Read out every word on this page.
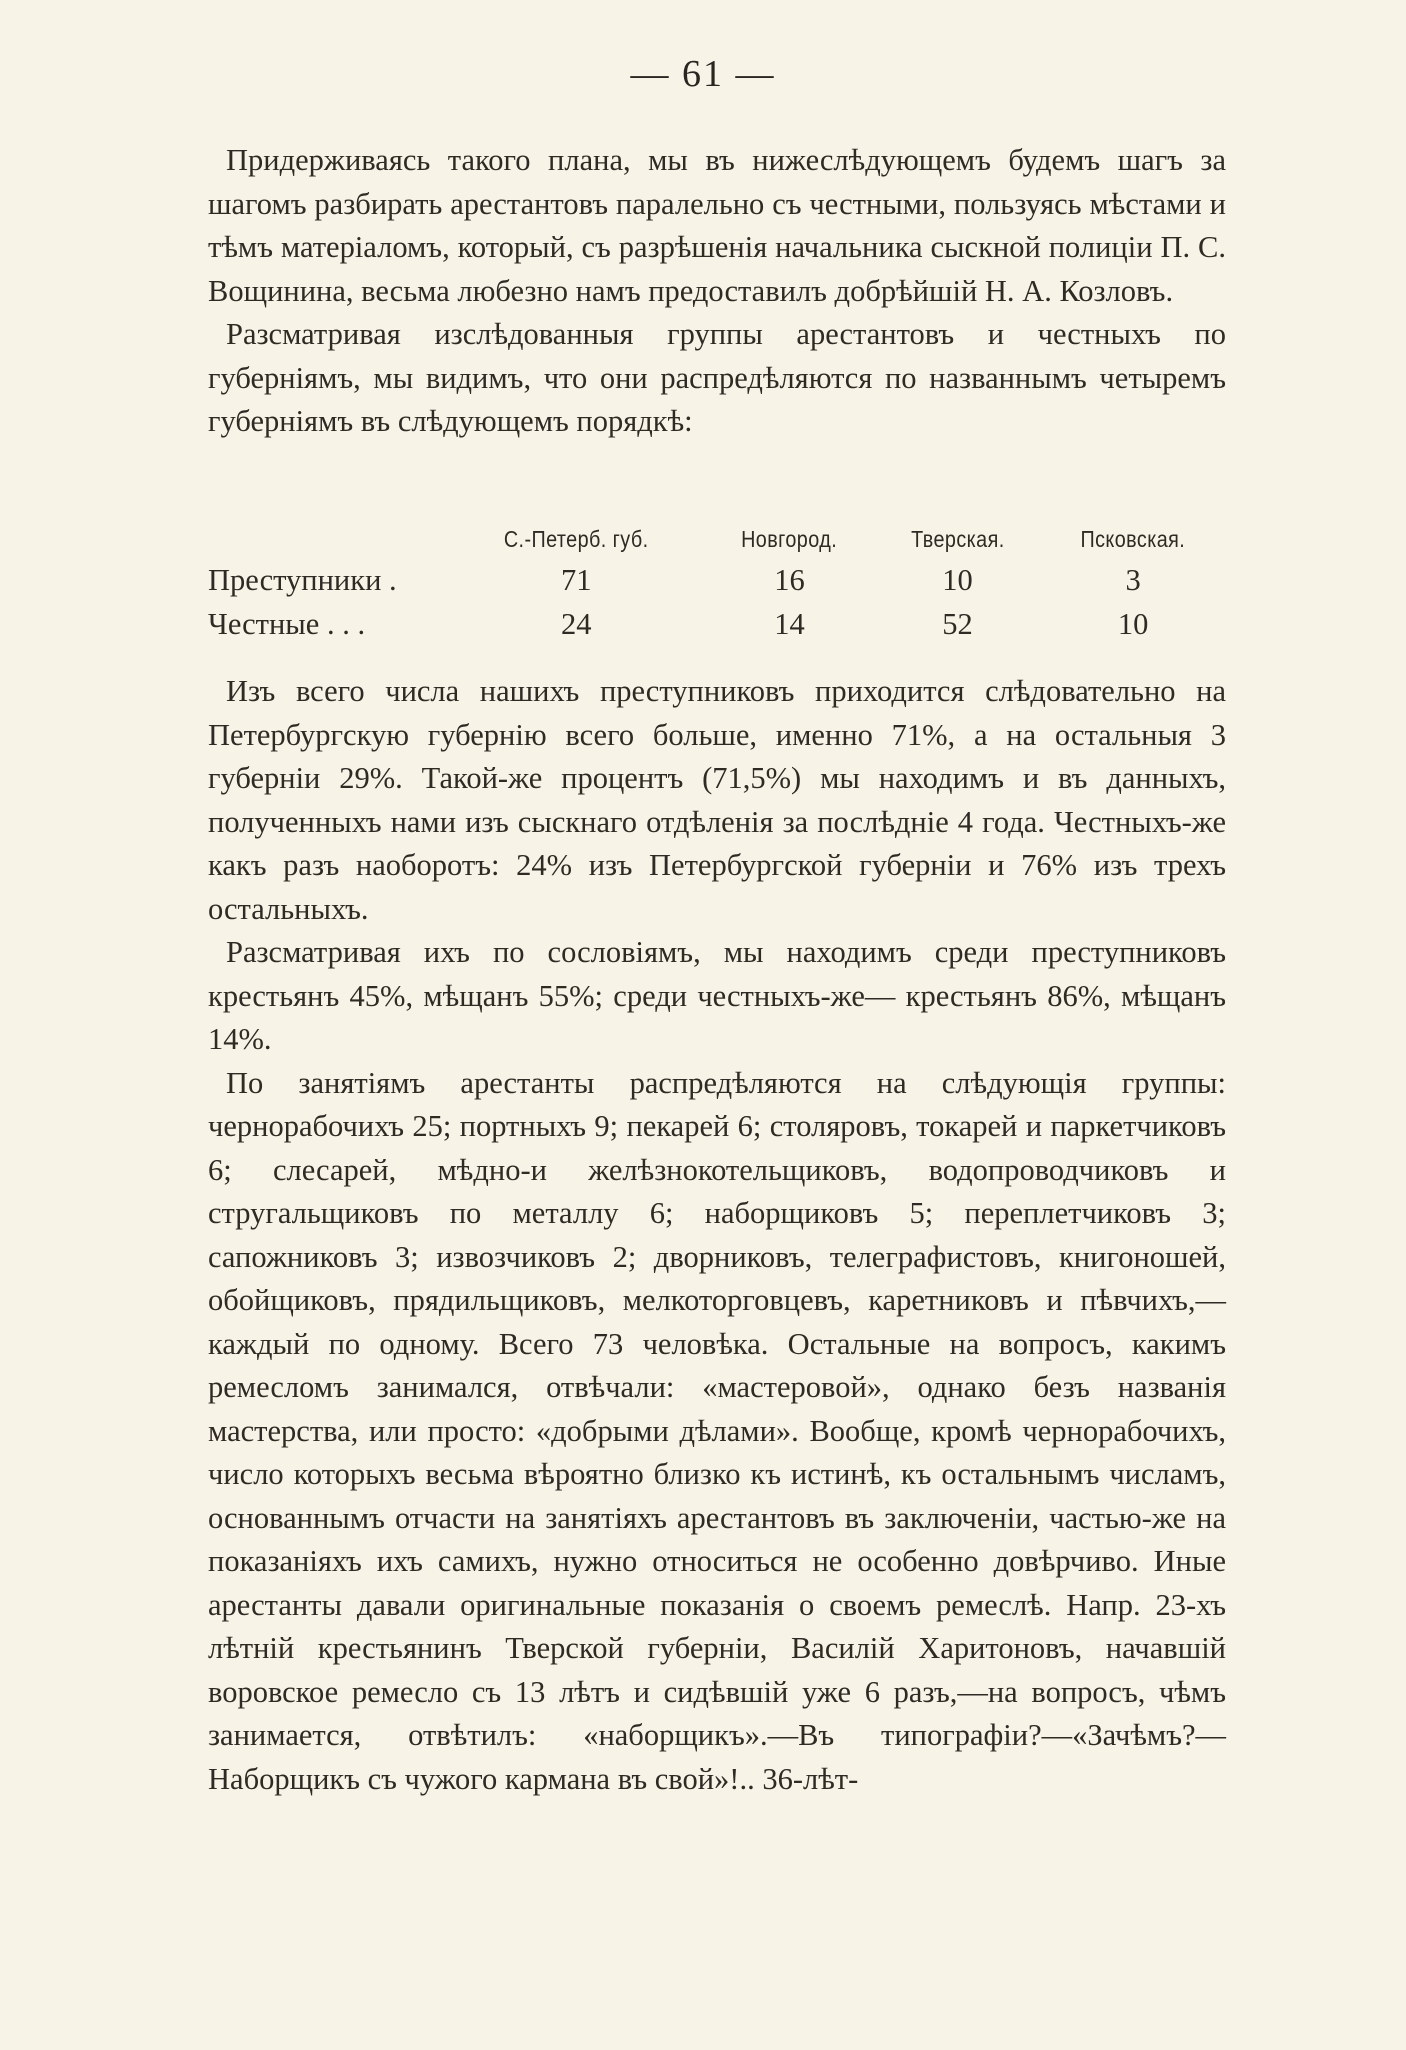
— 61 —

Придерживаясь такого плана, мы въ нижеслѣдующемъ будемъ шагъ за шагомъ разбирать арестантовъ паралельно съ честными, пользуясь мѣстами и тѣмъ матеріаломъ, который, съ разрѣшенія начальника сыскной полиціи П. С. Вощинина, весьма любезно намъ предоставилъ добрѣйшій Н. А. Козловъ.

Разсматривая изслѣдованныя группы арестантовъ и честныхъ по губерніямъ, мы видимъ, что они распредѣляются по названнымъ четыремъ губерніямъ въ слѣдующемъ порядкѣ:

	С.-Петерб. губ.	Новгород.	Тверская.	Псковская.
Преступники .	71	16	10	3
Честные . . .	24	14	52	10

Изъ всего числа нашихъ преступниковъ приходится слѣдовательно на Петербургскую губернію всего больше, именно 71%, а на остальныя 3 губерніи 29%. Такой-же процентъ (71,5%) мы находимъ и въ данныхъ, полученныхъ нами изъ сыскнаго отдѣленія за послѣдніе 4 года. Честныхъ-же какъ разъ наоборотъ: 24% изъ Петербургской губерніи и 76% изъ трехъ остальныхъ.

Разсматривая ихъ по сословіямъ, мы находимъ среди преступниковъ крестьянъ 45%, мѣщанъ 55%; среди честныхъ-же— крестьянъ 86%, мѣщанъ 14%.

По занятіямъ арестанты распредѣляются на слѣдующія группы: чернорабочихъ 25; портныхъ 9; пекарей 6; столяровъ, токарей и паркетчиковъ 6; слесарей, мѣдно-и желѣзнокотельщиковъ, водопроводчиковъ и стругальщиковъ по металлу 6; наборщиковъ 5; переплетчиковъ 3; сапожниковъ 3; извозчиковъ 2; дворниковъ, телеграфистовъ, книгоношей, обойщиковъ, прядильщиковъ, мелкоторговцевъ, каретниковъ и пѣвчихъ,—каждый по одному. Всего 73 человѣка. Остальные на вопросъ, какимъ ремесломъ занимался, отвѣчали: «мастеровой», однако безъ названія мастерства, или просто: «добрыми дѣлами». Вообще, кромѣ чернорабочихъ, число которыхъ весьма вѣроятно близко къ истинѣ, къ остальнымъ числамъ, основаннымъ отчасти на занятіяхъ арестантовъ въ заключеніи, частью-же на показаніяхъ ихъ самихъ, нужно относиться не особенно довѣрчиво. Иные арестанты давали оригинальные показанія о своемъ ремеслѣ. Напр. 23-хъ лѣтній крестьянинъ Тверской губерніи, Василій Харитоновъ, начавшій воровское ремесло съ 13 лѣтъ и сидѣвшій уже 6 разъ,—на вопросъ, чѣмъ занимается, отвѣтилъ: «наборщикъ».—Въ типографіи?—«Зачѣмъ?—Наборщикъ съ чужого кармана въ свой»!.. 36-лѣт-
